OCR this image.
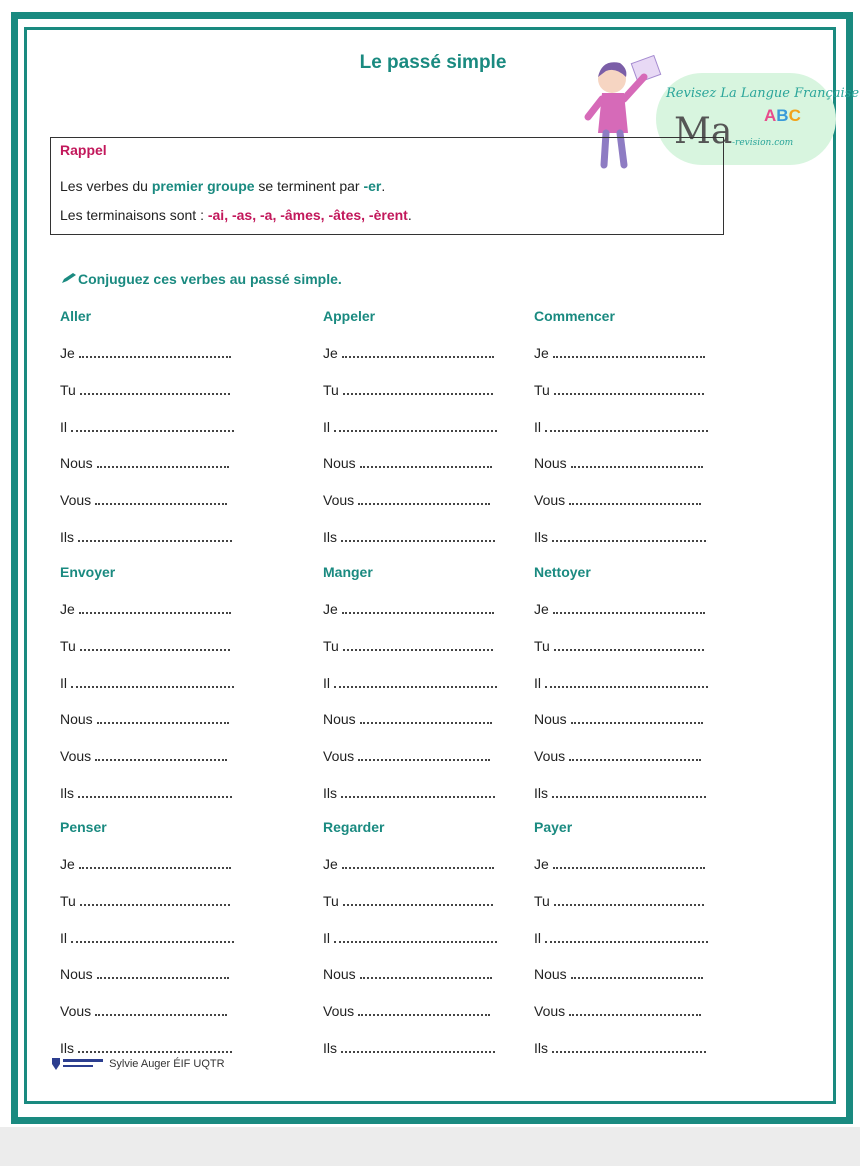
Le passé simple
Revisez La Langue Française
Ma ABC
-revision.com
Rappel
Les verbes du premier groupe se terminent par -er.
Les terminaisons sont : -ai, -as, -a, -âmes, -âtes, -èrent.
Conjuguez ces verbes au passé simple.
Aller
Je
Tu
Il
Nous
Vous
Ils
Appeler
Je
Tu
Il
Nous
Vous
Ils
Commencer
Je
Tu
Il
Nous
Vous
Ils
Envoyer
Je
Tu
Il
Nous
Vous
Ils
Manger
Je
Tu
Il
Nous
Vous
Ils
Nettoyer
Je
Tu
Il
Nous
Vous
Ils
Penser
Je
Tu
Il
Nous
Vous
Ils
Regarder
Je
Tu
Il
Nous
Vous
Ils
Payer
Je
Tu
Il
Nous
Vous
Ils
Sylvie Auger ÉIF UQTR
